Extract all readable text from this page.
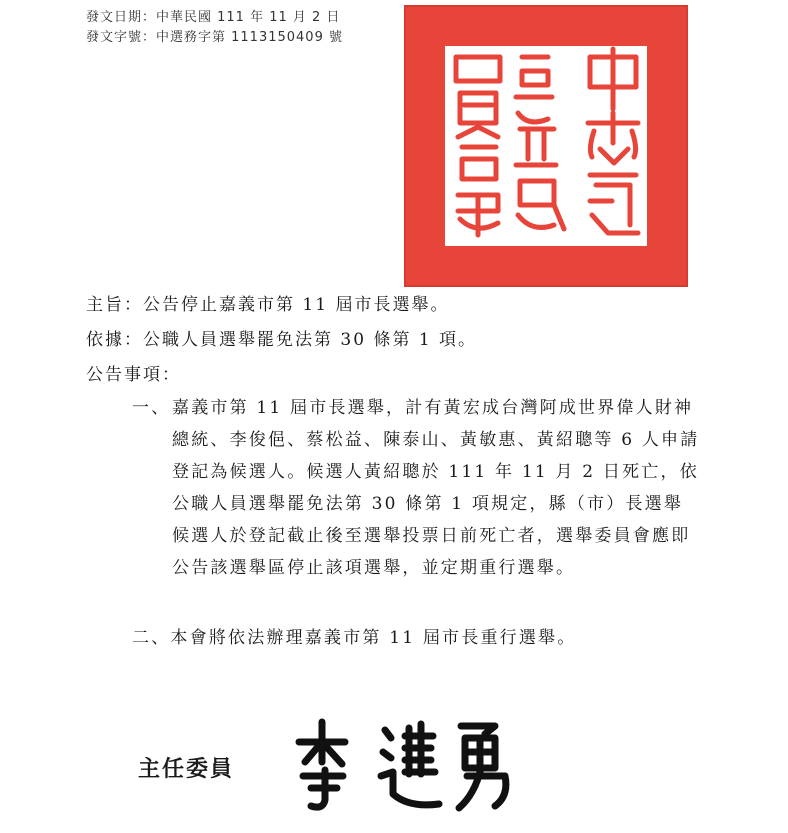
發文日期：中華民國 111 年 11 月 2 日
發文字號：中選務字第 1113150409 號
主旨：公告停止嘉義市第 11 屆市長選舉。
依據：公職人員選舉罷免法第 30 條第 1 項。
公告事項：
一、 嘉義市第 11 屆市長選舉，計有黃宏成台灣阿成世界偉人財神總統、李俊俋、蔡松益、陳泰山、黃敏惠、黃紹聰等 6 人申請登記為候選人。候選人黃紹聰於 111 年 11 月 2 日死亡，依公職人員選舉罷免法第 30 條第 1 項規定，縣（市）長選舉候選人於登記截止後至選舉投票日前死亡者，選舉委員會應即公告該選舉區停止該項選舉，並定期重行選舉。
二、本會將依法辦理嘉義市第 11 屆市長重行選舉。
主任委員
